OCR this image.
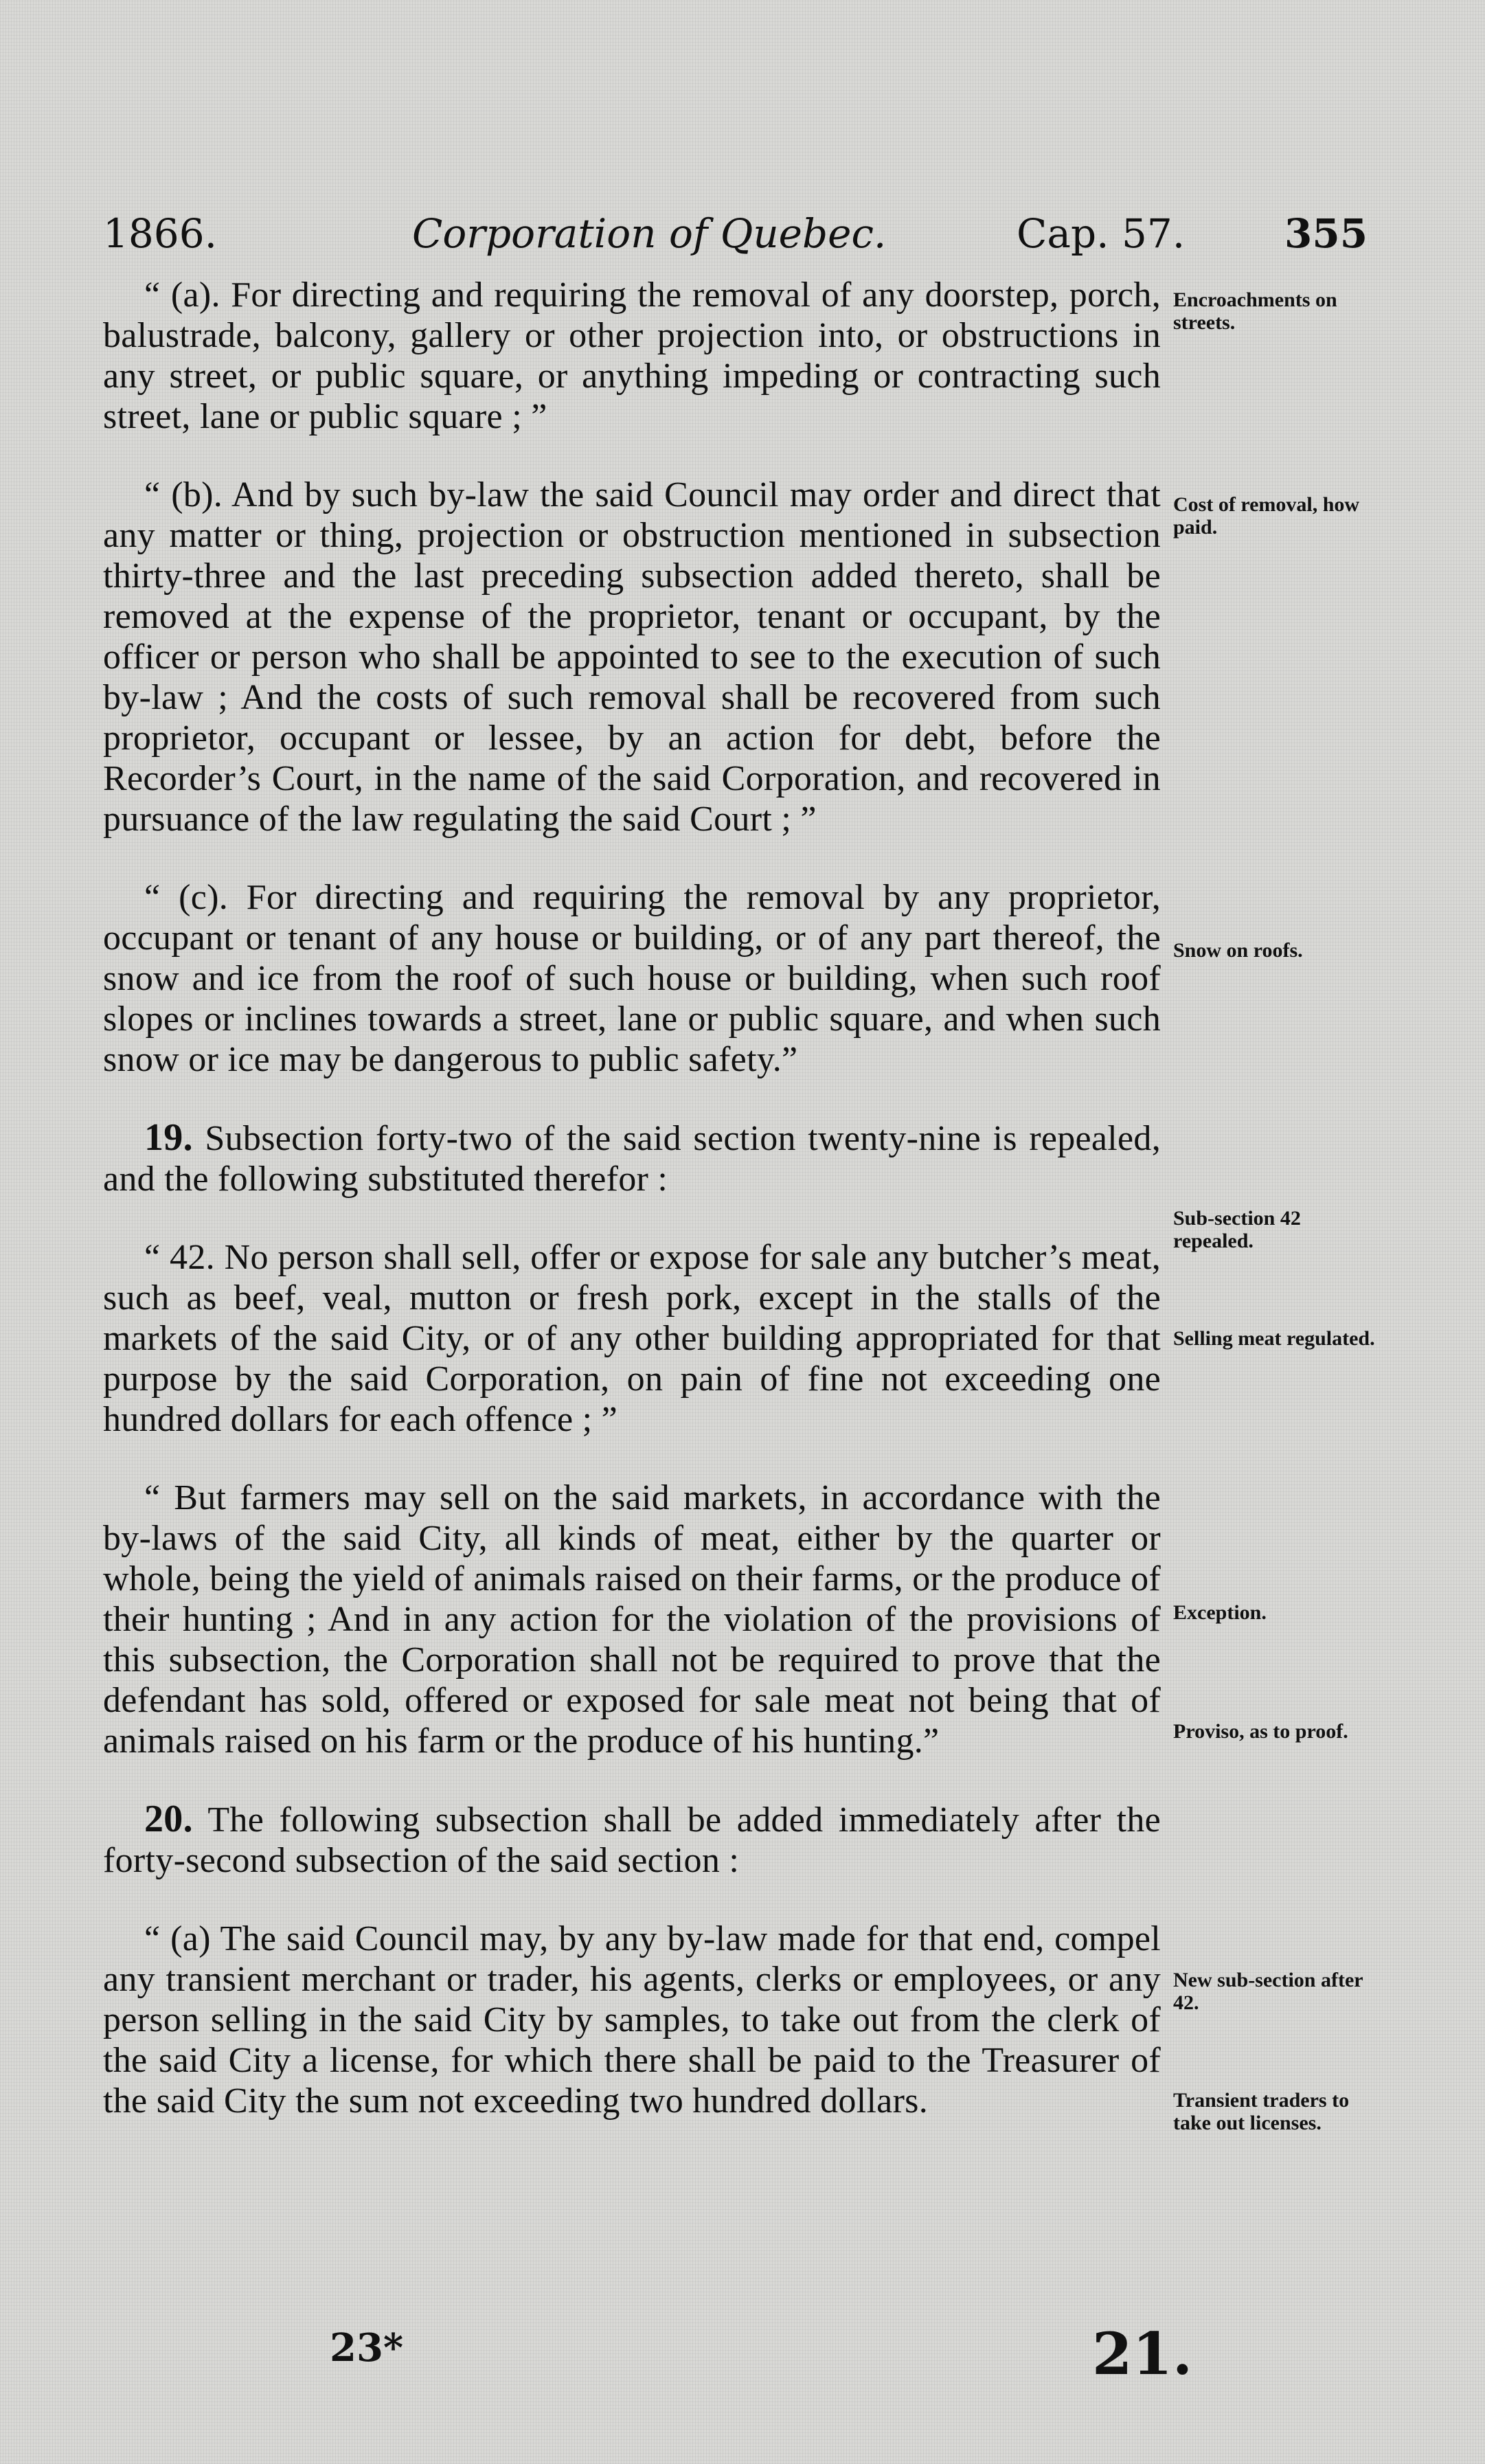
1866.	Corporation of Quebec.	Cap. 57. 355

“ (a). For directing and requiring the removal of any doorstep, porch, balustrade, balcony, gallery or other projection into, or obstructions in any street, or public square, or anything impeding or contracting such street, lane or public square ; ”

“ (b). And by such by-law the said Council may order and direct that any matter or thing, projection or obstruction mentioned in subsection thirty-three and the last preceding subsection added thereto, shall be removed at the expense of the proprietor, tenant or occupant, by the officer or person who shall be appointed to see to the execution of such by-law ; And the costs of such removal shall be recovered from such proprietor, occupant or lessee, by an action for debt, before the Recorder’s Court, in the name of the said Corporation, and recovered in pursuance of the law regulating the said Court ; ”

“ (c). For directing and requiring the removal by any proprietor, occupant or tenant of any house or building, or of any part thereof, the snow and ice from the roof of such house or building, when such roof slopes or inclines towards a street, lane or public square, and when such snow or ice may be dangerous to public safety.”

19. Subsection forty-two of the said section twenty-nine is repealed, and the following substituted therefor :

“ 42. No person shall sell, offer or expose for sale any butcher’s meat, such as beef, veal, mutton or fresh pork, except in the stalls of the markets of the said City, or of any other building appropriated for that purpose by the said Corporation, on pain of fine not exceeding one hundred dollars for each offence ; ”

“ But farmers may sell on the said markets, in accordance with the by-laws of the said City, all kinds of meat, either by the quarter or whole, being the yield of animals raised on their farms, or the produce of their hunting ; And in any action for the violation of the provisions of this subsection, the Corporation shall not be required to prove that the defendant has sold, offered or exposed for sale meat not being that of animals raised on his farm or the produce of his hunting.”

20. The following subsection shall be added immediately after the forty-second subsection of the said section :

“ (a) The said Council may, by any by-law made for that end, compel any transient merchant or trader, his agents, clerks or employees, or any person selling in the said City by samples, to take out from the clerk of the said City a license, for which there shall be paid to the Treasurer of the said City the sum not exceeding two hundred dollars.

Encroachments on streets.
Cost of removal, how paid.
Snow on roofs.
Sub-section 42 repealed.
Selling meat regulated.
Exception.
Proviso, as to proof.
New sub-section after 42.
Transient traders to take out licenses.
23*	21.
